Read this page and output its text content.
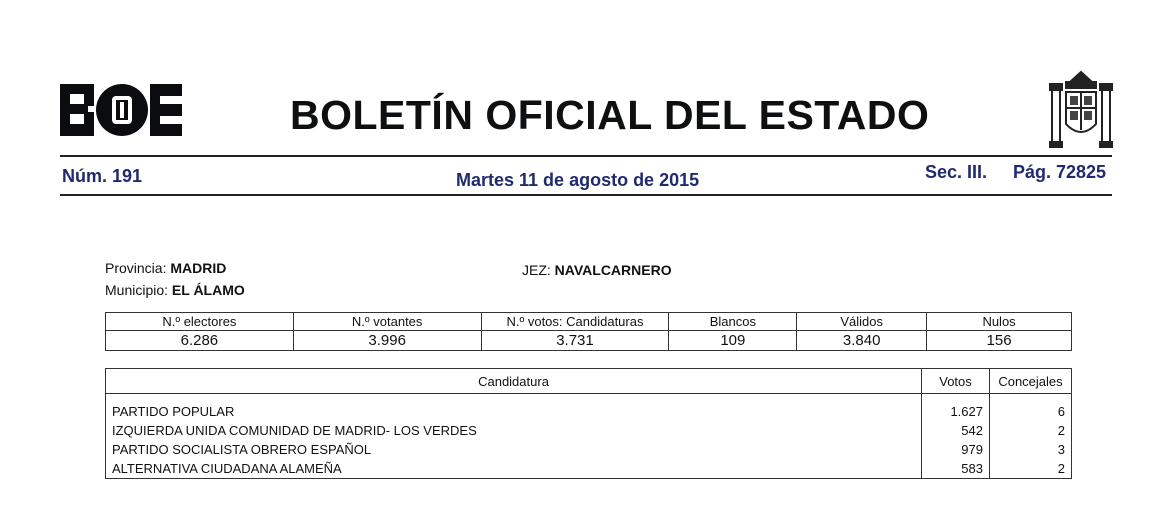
BOLETÍN OFICIAL DEL ESTADO
Núm. 191	Martes 11 de agosto de 2015	Sec. III. Pág. 72825
Provincia: MADRID
Municipio: EL ÁLAMO
JEZ: NAVALCARNERO
N.º electores	N.º votantes	N.º votos: Candidaturas	Blancos	Válidos	Nulos
6.286	3.996	3.731	109	3.840	156
Candidatura	Votos	Concejales
PARTIDO POPULAR	1.627	6
IZQUIERDA UNIDA COMUNIDAD DE MADRID- LOS VERDES	542	2
PARTIDO SOCIALISTA OBRERO ESPAÑOL	979	3
ALTERNATIVA CIUDADANA ALAMEÑA	583	2
